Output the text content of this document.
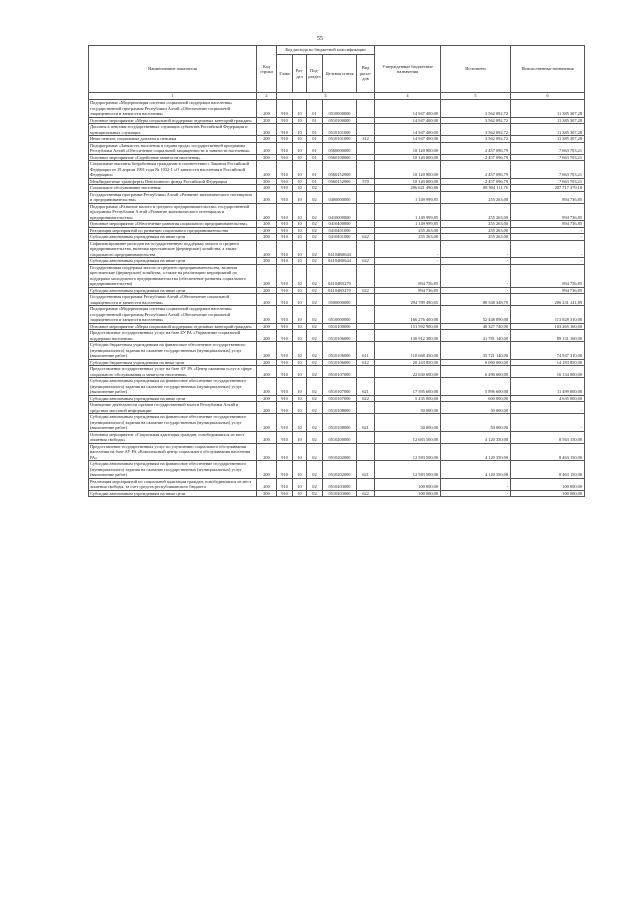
55
Наименование показателя	Код строки	Код расхода по бюджетной классификации					Утвержденные бюджетные назначения	Исполнено	Неисполненные назначения
		Глава	Раз-дел	Под-раздел	Целевая статья	Вид расхо-дов			
1	2	3					4	5	6
Подпрограмма «Модернизация системы социальной поддержки населения» государственной программы Республики Алтай «Обеспечение социальной защищенности и занятости населения»	200	910	10	01	0510000000		14 947 400,00	3 562 092,72	11 385 307,28
Основное мероприятие «Меры социальной поддержки отдельных категорий граждан»	200	910	10	01	0510100000		14 947 400,00	3 562 092,72	11 385 307,28
Доплаты к пенсиям государственных служащих субъектов Российской Федерации и муниципальных служащих	200	910	10	01	0510101000		14 947 400,00	3 562 092,72	11 385 307,28
Иные пенсии, социальные доплаты к пенсиям	200	910	10	01	0510101000	312	14 947 400,00	3 562 092,72	11 385 307,28
Подпрограмма «Занятость населения и охрана труда» государственной программы Республики Алтай «Обеспечение социальной защищенности и занятости населения»	200	910	10	01	0560000000		10 120 800,00	2 457 096,79	7 663 703,21
Основное мероприятие «Содействие занятости населения»	200	910	10	01	0560100000		10 120 800,00	2 457 096,79	7 663 703,21
Социальные выплаты безработным гражданам в соответствии с Законом Российской Федерации от 19 апреля 1991 года № 1032-1 «О занятости населения в Российской Федерации»	200	910	10	01	0560152900		10 120 800,00	2 457 096,79	7 663 703,21
Межбюджетные трансферты Пенсионного фонда Российской Федерации	200	910	10	01	0560152900	570	10 120 800,00	2 457 096,79	7 663 703,21
Социальное обслуживание населения	200	910	10	02			296 621 490,86	88 904 111,76	207 717 379,10
Государственная программа Республики Алтай «Развитие экономического потенциала и предпринимательства»	200	910	10	02	0400000000		1 149 999,85	255 263,00	894 736,85
Подпрограмма «Развитие малого и среднего предпринимательства» государственной программы Республики Алтай «Развитие экономического потенциала и предпринимательства»	200	910	10	02	0410000000		1 149 999,85	255 263,00	894 736,85
Основное мероприятие «Обеспечение развития социального предпринимательства»	200	910	10	02	0410400000		1 149 999,85	255 263,00	894 736,85
Реализация мероприятий по развитию социального предпринимательства	200	910	10	02	0410401000		255 263,00	255 263,00	-
Субсидии автономным учреждениям на иные цели	200	910	10	02	0410401000	622	255 263,00	255 263,00	-
Софинансирование расходов на государственную поддержку малого и среднего предпринимательства, включая крестьянские (фермерские) хозяйства, а также социального предпринимательства	200	910	10	02	04104R0644		-	-	-
Субсидии автономным учреждениям на иные цели	200	910	10	02	04104R0644	622	-	-	-
Государственная поддержка малого и среднего предпринимательства, включая крестьянские (фермерские) хозяйства, а также на реализацию мероприятий по поддержке молодежного предпринимательства (обеспечение развития социального предпринимательства)	200	910	10	02	04104R5270		894 736,85	-	894 736,85
Субсидии автономным учреждениям на иные цели	200	910	10	02	04104R5270	622	894 736,85	-	894 736,85
Государственная программа Республики Алтай «Обеспечение социальной защищенности и занятости населения»	200	910	10	02	0500000000		294 789 490,65	88 548 348,70	206 231 141,89
Подпрограмма «Модернизация системы социальной поддержки населения» государственной программы Республики Алтай «Обеспечение социальной защищенности и занятости населения»	200	910	10	02	0510000000		166 276 400,00	52 448 090,00	113 828 310,00
Основное мероприятие «Меры социальной поддержки отдельных категорий граждан»	200	910	10	02	0510100000		151 592 900,00	48 327 740,00	103 265 160,00
Предоставление государственных услуг на базе БУ РА «Управление социальной поддержки населения»	200	910	10	02	0510106000		130 912 300,00	41 781 140,00	89 131 160,00
Субсидии бюджетным учреждениям на финансовое обеспечение государственного (муниципального) задания на оказание государственных (муниципальных) услуг (выполнение работ)	200	910	10	02	0510106000	611	110 668 450,00	35 721 140,00	74 947 310,00
Субсидии бюджетным учреждениям на иные цели	200	910	10	02	0510106000	612	20 243 850,00	6 060 000,00	14 183 850,00
Предоставление государственных услуг на базе АУ РА «Центр оказания услуг в сфере социального обслуживания и занятости населения»	200	910	10	02	0510107000		22 630 600,00	6 496 600,00	16 134 000,00
Субсидии автономным учреждениям на финансовое обеспечение государственного (муниципального) задания на оказание государственных (муниципальных) услуг (выполнение работ)	200	910	10	02	0510107000	621	17 395 600,00	5 896 600,00	11 499 000,00
Субсидии автономным учреждениям на иные цели	200	910	10	02	0510107000	622	5 235 000,00	600 000,00	4 635 000,00
Освещение деятельности органов государственной власти Республики Алтай в средствах массовой информации	200	910	10	02	0510108000		50 000,00	50 000,00	-
Субсидии автономным учреждениям на финансовое обеспечение государственного (муниципального) задания на оказание государственных (муниципальных) услуг (выполнение работ)	200	910	10	02	0510108000	621	50 000,00	50 000,00	-
Основное мероприятие «Социальная адаптация граждан, освободившихся из мест лишения свободы»	200	910	10	02	0510200000		12 683 500,00	4 120 350,00	8 563 150,00
Предоставление государственных услуг по улучшению социального обслуживания населения на базе АУ РА «Комплексный центр социального обслуживания населения РА»	200	910	10	02	0510202000		12 583 500,00	4 120 350,00	8 463 150,00
Субсидии автономным учреждениям на финансовое обеспечение государственного (муниципального) задания на оказание государственных (муниципальных) услуг (выполнение работ)	200	910	10	02	0510202000	621	12 583 500,00	4 120 350,00	8 463 150,00
Реализация мероприятий по социальной адаптации граждан, освободившихся из мест лишения свободы, за счет средств республиканского бюджета	200	910	10	02	0510203000		100 000,00	-	100 000,00
Субсидии автономным учреждениям на иные цели	200	910	10	02	0510203000	622	100 000,00	-	100 000,00
